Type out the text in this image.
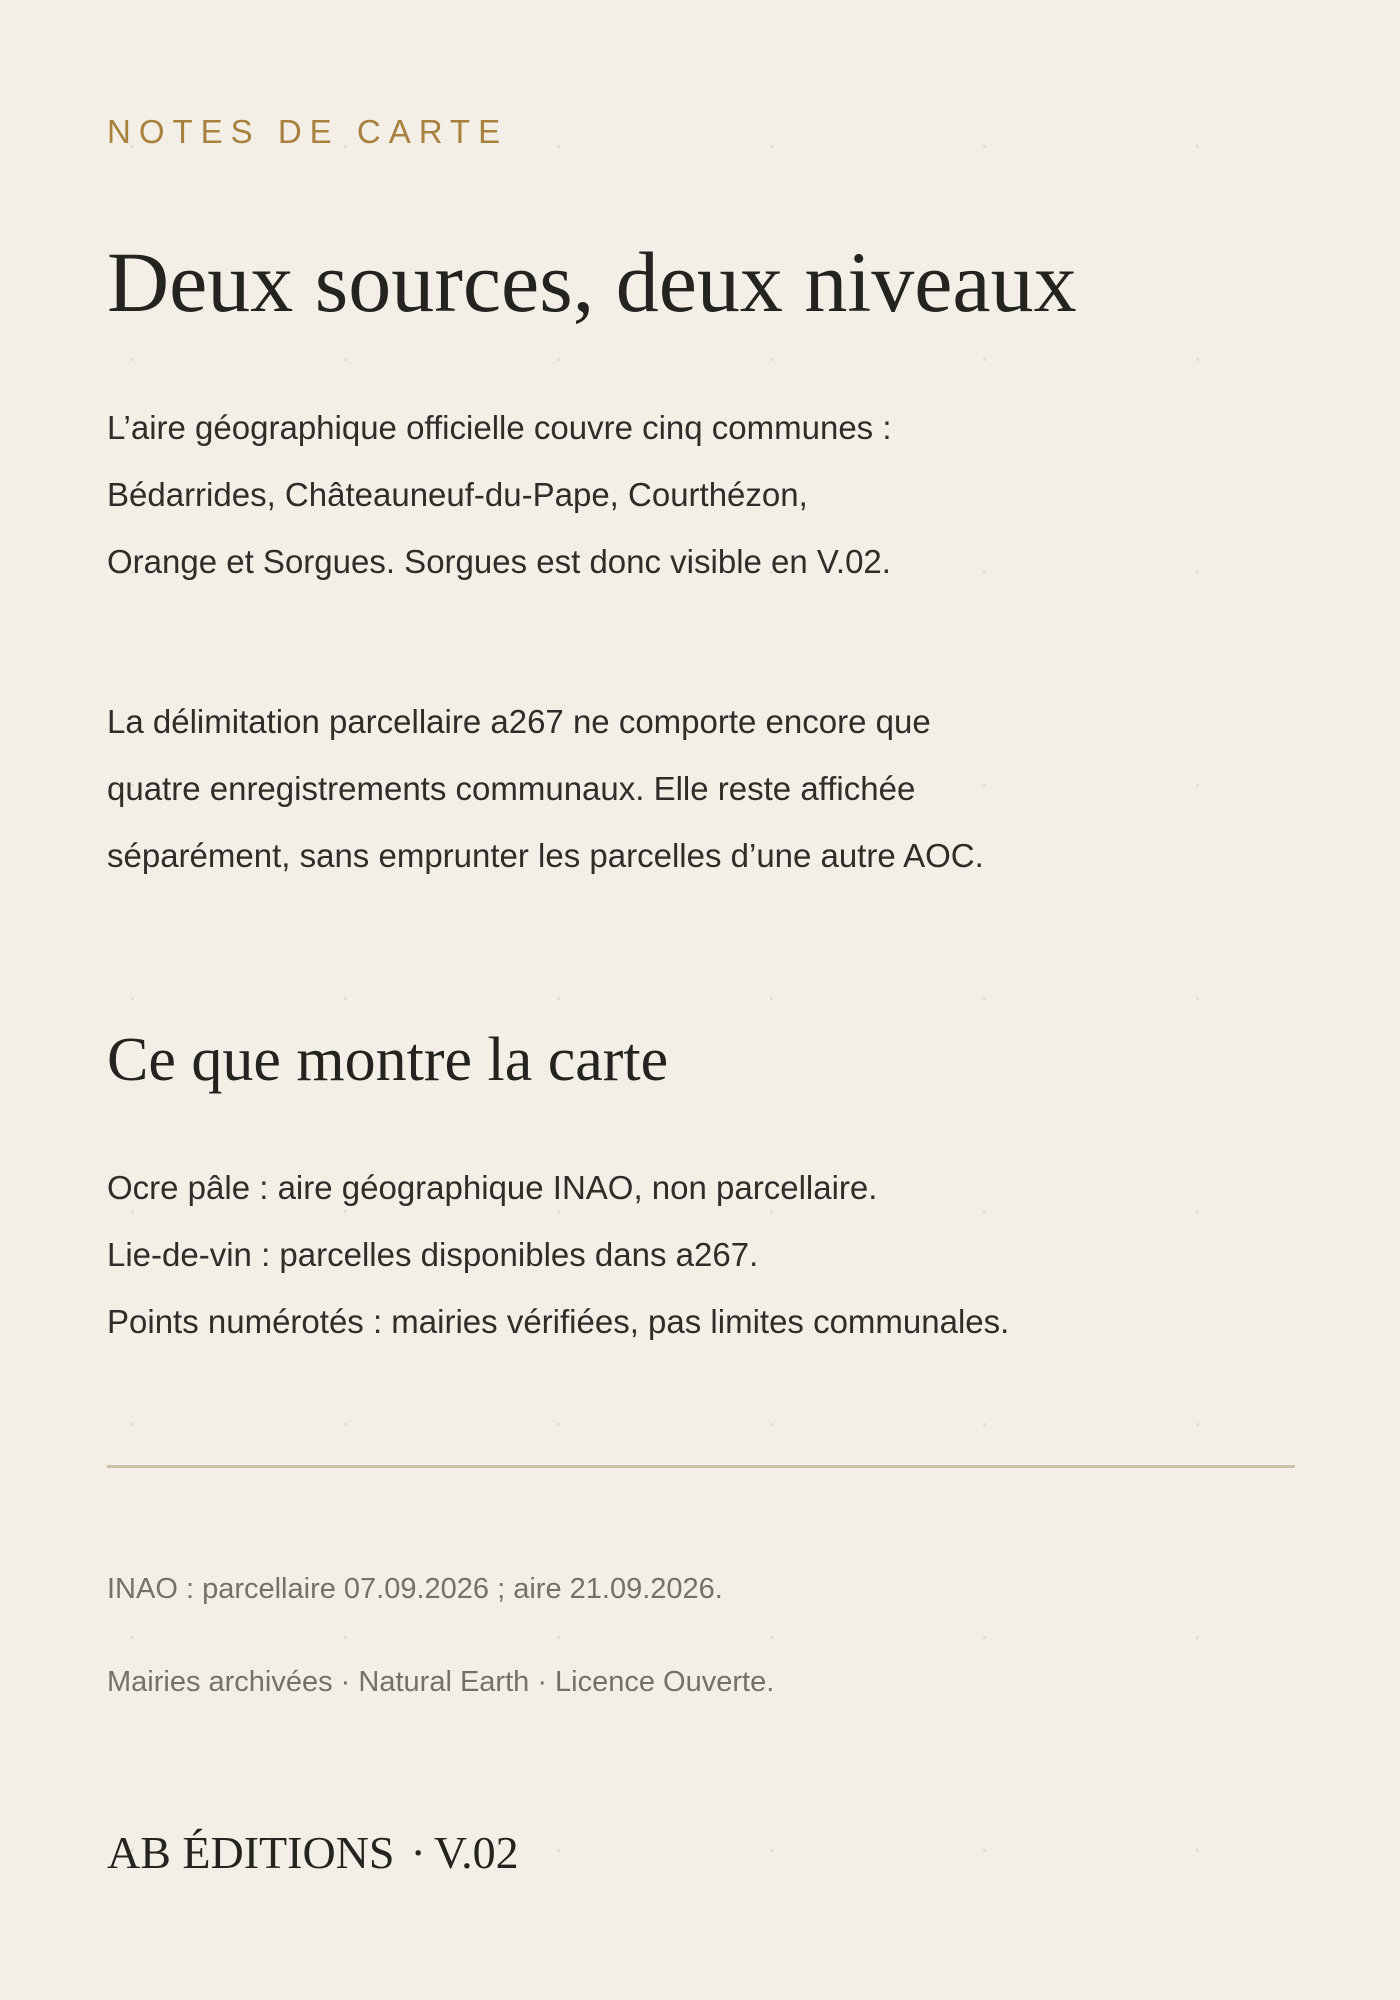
NOTES DE CARTE

Deux sources, deux niveaux
L’aire géographique officielle couvre cinq communes :
Bédarrides, Châteauneuf-du-Pape, Courthézon,
Orange et Sorgues. Sorgues est donc visible en V.02.
La délimitation parcellaire a267 ne comporte encore que
quatre enregistrements communaux. Elle reste affichée
séparément, sans emprunter les parcelles d’une autre AOC.
Ce que montre la carte
Ocre pâle : aire géographique INAO, non parcellaire.
Lie-de-vin : parcelles disponibles dans a267.
Points numérotés : mairies vérifiées, pas limites communales.

INAO : parcellaire 07.09.2026 ; aire 21.09.2026.

Mairies archivées · Natural Earth · Licence Ouverte.

AB ÉDITIONS · V.02
